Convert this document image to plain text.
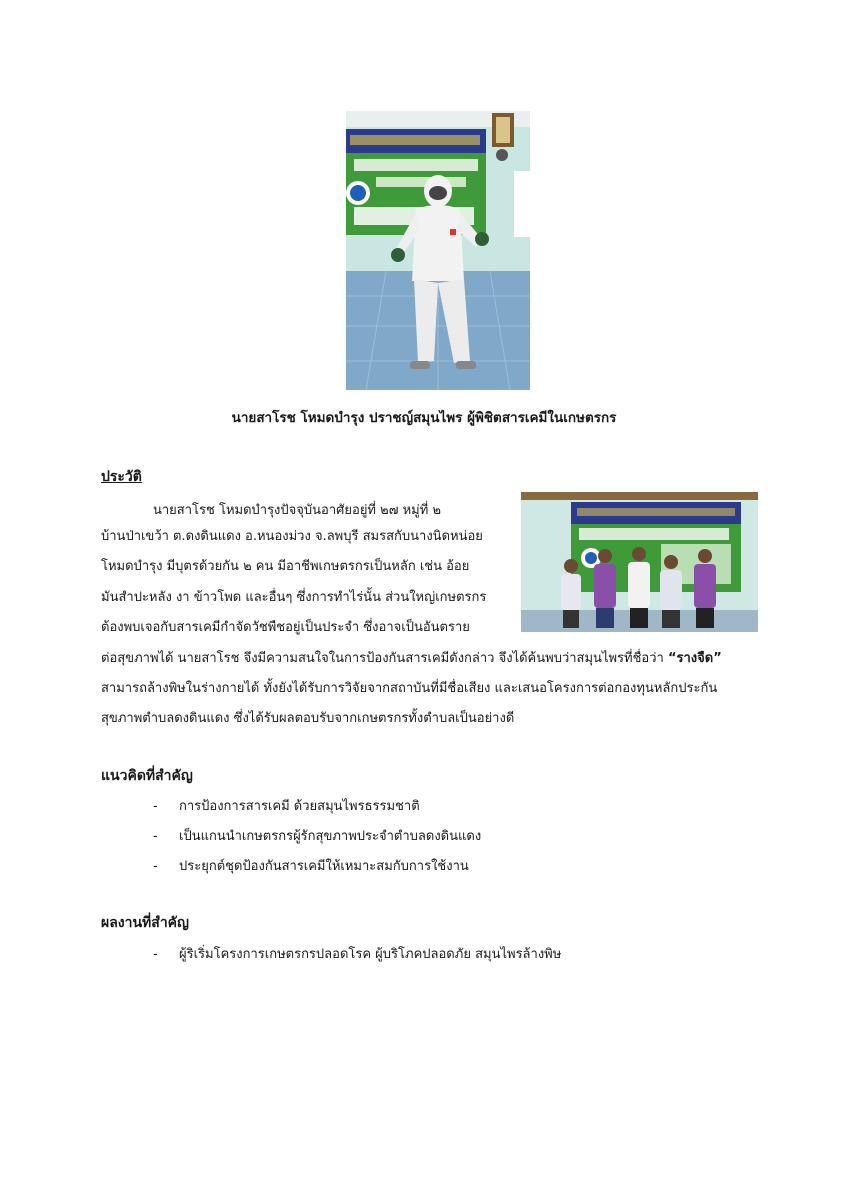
นายสาโรช โหมดบำรุง ปราชญ์สมุนไพร ผู้พิชิตสารเคมีในเกษตรกร
ประวัติ
นายสาโรช โหมดบำรุงปัจจุบันอาศัยอยู่ที่ ๒๗ หมู่ที่ ๒
บ้านป่าเขว้า ต.ดงดินแดง อ.หนองม่วง จ.ลพบุรี สมรสกับนางนิดหน่อย
โหมดบำรุง มีบุตรด้วยกัน ๒ คน มีอาชีพเกษตรกรเป็นหลัก เช่น อ้อย
มันสำปะหลัง งา ข้าวโพด และอื่นๆ ซึ่งการทำไร่นั้น ส่วนใหญ่เกษตรกร
ต้องพบเจอกับสารเคมีกำจัดวัชพืชอยู่เป็นประจำ ซึ่งอาจเป็นอันตราย
ต่อสุขภาพได้ นายสาโรช จึงมีความสนใจในการป้องกันสารเคมีดังกล่าว จึงได้ค้นพบว่าสมุนไพรที่ชื่อว่า “รางจืด”
สามารถล้างพิษในร่างกายได้ ทั้งยังได้รับการวิจัยจากสถาบันที่มีชื่อเสียง และเสนอโครงการต่อกองทุนหลักประกัน
สุขภาพตำบลดงดินแดง ซึ่งได้รับผลตอบรับจากเกษตรกรทั้งตำบลเป็นอย่างดี
แนวคิดที่สำคัญ
- การป้องการสารเคมี ด้วยสมุนไพรธรรมชาติ
- เป็นแกนนำเกษตรกรผู้รักสุขภาพประจำตำบลดงดินแดง
- ประยุกต์ชุดป้องกันสารเคมีให้เหมาะสมกับการใช้งาน
ผลงานที่สำคัญ
- ผู้ริเริ่มโครงการเกษตรกรปลอดโรค ผู้บริโภคปลอดภัย สมุนไพรล้างพิษ
